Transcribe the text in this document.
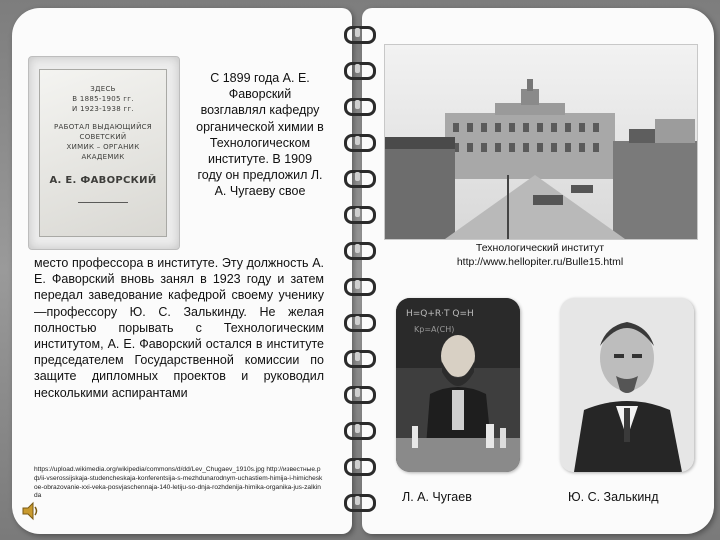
ЗДЕСЬ
В 1885-1905 гг.
И 1923-1938 гг.
РАБОТАЛ ВЫДАЮЩИЙСЯ
СОВЕТСКИЙ
ХИМИК – ОРГАНИК
АКАДЕМИК
А. Е. ФАВОРСКИЙ
С 1899 года А. Е. Фаворский возглавлял кафедру органической химии в Технологическом институте. В 1909 году он предложил Л. А. Чугаеву свое
место профессора в институте. Эту должность А. Е. Фаворский вновь занял в 1923 году и затем передал заведование кафедрой своему ученику—профессору Ю. С. Залькинду. Не желая полностью порывать с Технологическим институтом, А. Е. Фаворский остался в институте председателем Государственной комиссии по защите дипломных проектов и руководил несколькими аспирантами
https://upload.wikimedia.org/wikipedia/commons/d/dd/Lev_Chugaev_1910s.jpg http://известные.рф/ii-vserossijskaja-studencheskaja-konferentsija-s-mezhdunarodnym-uchastiem-himija-i-himicheskoe-obrazovanie-xxi-veka-posvjaschennaja-140-letiju-so-dnja-rozhdenija-himika-organika-jus-zalkinda
Технологический институт
http://www.hellopiter.ru/Bulle15.html
H=Q+R·T Q=H
Kp=A(CH)
Л. А. Чугаев	Ю. С. Залькинд
